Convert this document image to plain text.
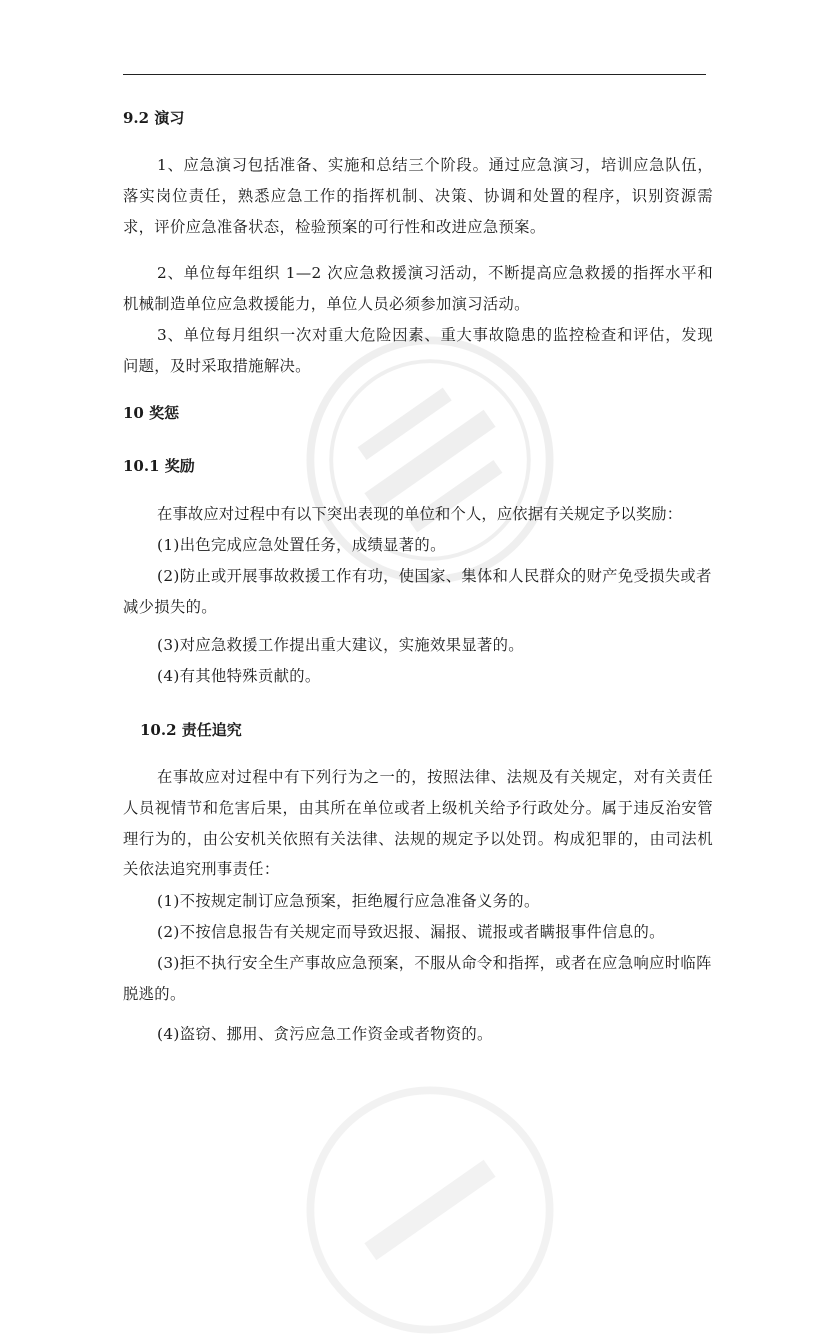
9.2 演习

1、应急演习包括准备、实施和总结三个阶段。通过应急演习，培训应急队伍，落实岗位责任，熟悉应急工作的指挥机制、决策、协调和处置的程序，识别资源需求，评价应急准备状态，检验预案的可行性和改进应急预案。

2、单位每年组织 1—2 次应急救援演习活动，不断提高应急救援的指挥水平和机械制造单位应急救援能力，单位人员必须参加演习活动。

3、单位每月组织一次对重大危险因素、重大事故隐患的监控检查和评估，发现问题，及时采取措施解决。

10 奖惩
10.1 奖励

在事故应对过程中有以下突出表现的单位和个人，应依据有关规定予以奖励：

(1)出色完成应急处置任务，成绩显著的。

(2)防止或开展事故救援工作有功，使国家、集体和人民群众的财产免受损失或者减少损失的。

(3)对应急救援工作提出重大建议，实施效果显著的。

(4)有其他特殊贡献的。

10.2 责任追究

在事故应对过程中有下列行为之一的，按照法律、法规及有关规定，对有关责任人员视情节和危害后果，由其所在单位或者上级机关给予行政处分。属于违反治安管理行为的，由公安机关依照有关法律、法规的规定予以处罚。构成犯罪的，由司法机关依法追究刑事责任：

(1)不按规定制订应急预案，拒绝履行应急准备义务的。

(2)不按信息报告有关规定而导致迟报、漏报、谎报或者瞒报事件信息的。

(3)拒不执行安全生产事故应急预案，不服从命令和指挥，或者在应急响应时临阵脱逃的。

(4)盗窃、挪用、贪污应急工作资金或者物资的。
